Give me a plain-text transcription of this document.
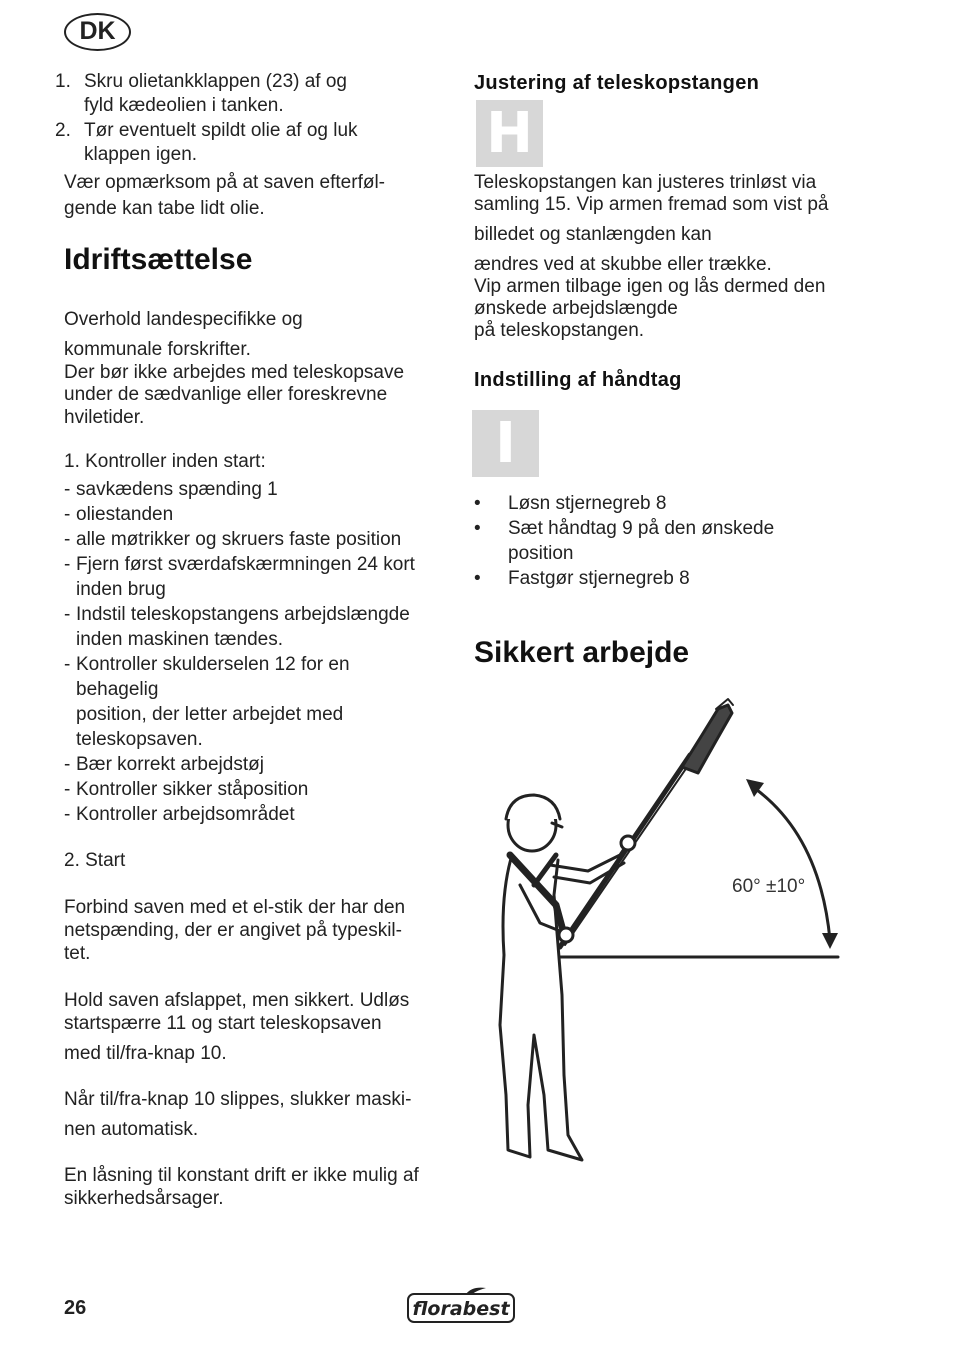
DK
1. Skru olietankklappen (23) af og
fyld kædeolien i tanken.
2. Tør eventuelt spildt olie af og luk
klappen igen.
Vær opmærksom på at saven efterføl-
gende kan tabe lidt olie.
Idriftsættelse
Overhold landespecifikke og
kommunale forskrifter.
Der bør ikke arbejdes med teleskopsave
under de sædvanlige eller foreskrevne
hviletider.
1. Kontroller inden start:
- savkædens spænding 1
- oliestanden
- alle møtrikker og skruers faste position
- Fjern først sværdafskærmningen 24 kort
inden brug
- Indstil teleskopstangens arbejdslængde
inden maskinen tændes.
- Kontroller skulderselen 12 for en
behagelig
position, der letter arbejdet med
teleskopsaven.
- Bær korrekt arbejdstøj
- Kontroller sikker ståposition
- Kontroller arbejdsområdet
2. Start
Forbind saven med et el-stik der har den
netspænding, der er angivet på typeskil-
tet.
Hold saven afslappet, men sikkert. Udløs
startspærre 11 og start teleskopsaven
med til/fra-knap 10.
Når til/fra-knap 10 slippes, slukker maski-
nen automatisk.
En låsning til konstant drift er ikke mulig af
sikkerhedsårsager.
Justering af teleskopstangen
H
Teleskopstangen kan justeres trinløst via
samling 15. Vip armen fremad som vist på
billedet og stanlængden kan
ændres ved at skubbe eller trække.
Vip armen tilbage igen og lås dermed den
ønskede arbejdslængde
på teleskopstangen.
Indstilling af håndtag
I
• Løsn stjernegreb 8
• Sæt håndtag 9 på den ønskede
position
• Fastgør stjernegreb 8
Sikkert arbejde
60° ±10°
26	florabest
